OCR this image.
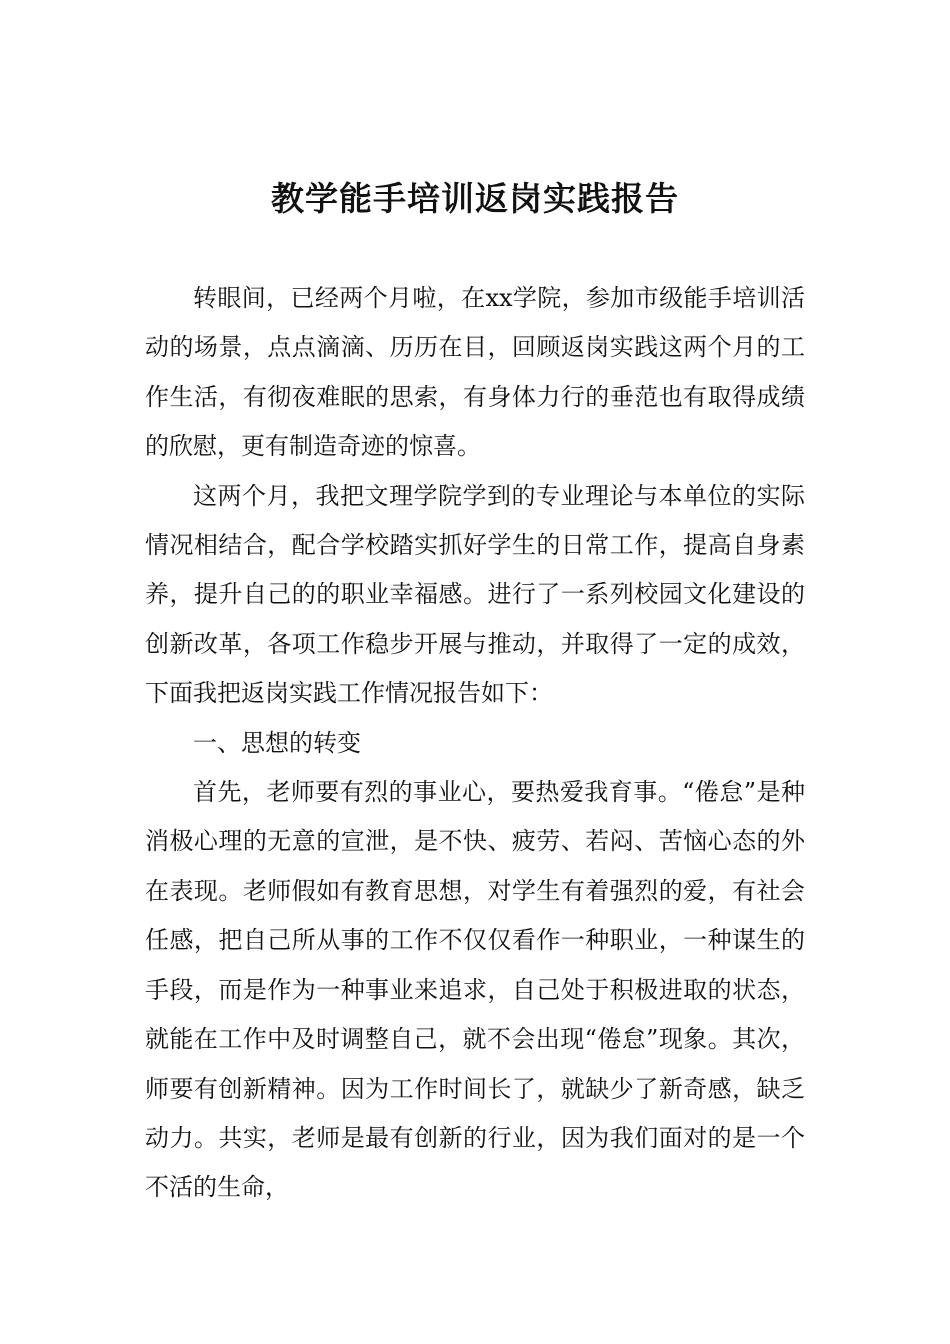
教学能手培训返岗实践报告

转眼间，已经两个月啦，在xx学院，参加市级能手培训活动的场景，点点滴滴、历历在目，回顾返岗实践这两个月的工作生活，有彻夜难眠的思索，有身体力行的垂范也有取得成绩的欣慰，更有制造奇迹的惊喜。

这两个月，我把文理学院学到的专业理论与本单位的实际情况相结合，配合学校踏实抓好学生的日常工作，提高自身素养，提升自己的的职业幸福感。进行了一系列校园文化建设的创新改革，各项工作稳步开展与推动，并取得了一定的成效，下面我把返岗实践工作情况报告如下：

一、思想的转变

首先，老师要有烈的事业心，要热爱我育事。“倦怠”是种消极心理的无意的宣泄，是不快、疲劳、若闷、苦恼心态的外在表现。老师假如有教育思想，对学生有着强烈的爱，有社会任感，把自己所从事的工作不仅仅看作一种职业，一种谋生的手段，而是作为一种事业来追求，自己处于积极进取的状态，就能在工作中及时调整自己，就不会出现“倦怠”现象。其次，师要有创新精神。因为工作时间长了，就缺少了新奇感，缺乏动力。共实，老师是最有创新的行业，因为我们面对的是一个不活的生命，
